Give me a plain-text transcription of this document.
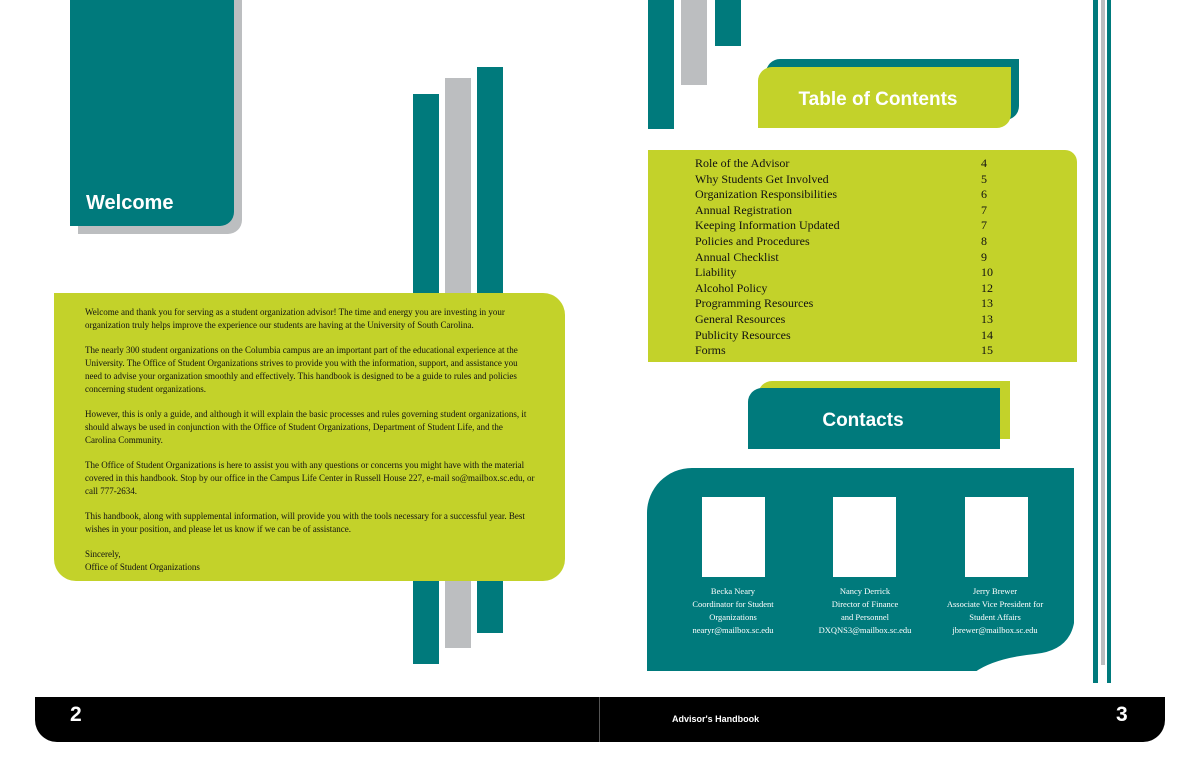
Welcome

Welcome and thank you for serving as a student organization advisor! The time and energy you are investing in your organization truly helps improve the experience our students are having at the University of South Carolina.

The nearly 300 student organizations on the Columbia campus are an important part of the educational experience at the University. The Office of Student Organizations strives to provide you with the information, support, and assistance you need to advise your organization smoothly and effectively. This handbook is designed to be a guide to rules and policies concerning student organizations.

However, this is only a guide, and although it will explain the basic processes and rules governing student organizations, it should always be used in conjunction with the Office of Student Organizations, Department of Student Life, and the Carolina Community.

The Office of Student Organizations is here to assist you with any questions or concerns you might have with the material covered in this handbook. Stop by our office in the Campus Life Center in Russell House 227, e-mail so@mailbox.sc.edu, or call 777-2634.

This handbook, along with supplemental information, will provide you with the tools necessary for a successful year. Best wishes in your position, and please let us know if we can be of assistance.

Sincerely,
Office of Student Organizations
Table of Contents
Role of the Advisor	4
Why Students Get Involved	5
Organization Responsibilities	6
Annual Registration	7
Keeping Information Updated	7
Policies and Procedures	8
Annual Checklist	9
Liability	10
Alcohol Policy	12
Programming Resources	13
General Resources	13
Publicity Resources	14
Forms	15
Contacts
Becka Neary
Coordinator for Student
Organizations
nearyr@mailbox.sc.edu
Nancy Derrick
Director of Finance
and Personnel
DXQNS3@mailbox.sc.edu
Jerry Brewer
Associate Vice President for
Student Affairs
jbrewer@mailbox.sc.edu
2	Advisor's Handbook	3
